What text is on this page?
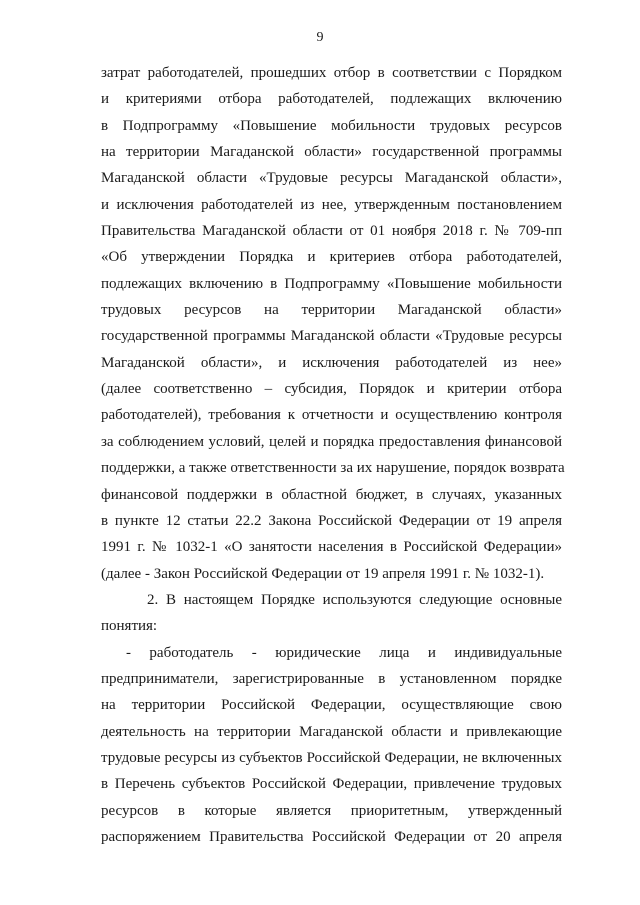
9
затрат работодателей, прошедших отбор в соответствии с Порядком
и критериями отбора работодателей, подлежащих включению
в Подпрограмму «Повышение мобильности трудовых ресурсов
на территории Магаданской области» государственной программы
Магаданской области «Трудовые ресурсы Магаданской области»,
и исключения работодателей из нее, утвержденным постановлением
Правительства Магаданской области от 01 ноября 2018 г. № 709-пп
«Об утверждении Порядка и критериев отбора работодателей,
подлежащих включению в Подпрограмму «Повышение мобильности
трудовых ресурсов на территории Магаданской области»
государственной программы Магаданской области «Трудовые ресурсы
Магаданской области», и исключения работодателей из нее»
(далее соответственно – субсидия, Порядок и критерии отбора
работодателей), требования к отчетности и осуществлению контроля
за соблюдением условий, целей и порядка предоставления финансовой
поддержки, а также ответственности за их нарушение, порядок возврата
финансовой поддержки в областной бюджет, в случаях, указанных
в пункте 12 статьи 22.2 Закона Российской Федерации от 19 апреля
1991 г. № 1032-1 «О занятости населения в Российской Федерации»
(далее - Закон Российской Федерации от 19 апреля 1991 г. № 1032-1).
2. В настоящем Порядке используются следующие основные
понятия:
- работодатель - юридические лица и индивидуальные
предприниматели, зарегистрированные в установленном порядке
на территории Российской Федерации, осуществляющие свою
деятельность на территории Магаданской области и привлекающие
трудовые ресурсы из субъектов Российской Федерации, не включенных
в Перечень субъектов Российской Федерации, привлечение трудовых
ресурсов в которые является приоритетным, утвержденный
распоряжением Правительства Российской Федерации от 20 апреля
